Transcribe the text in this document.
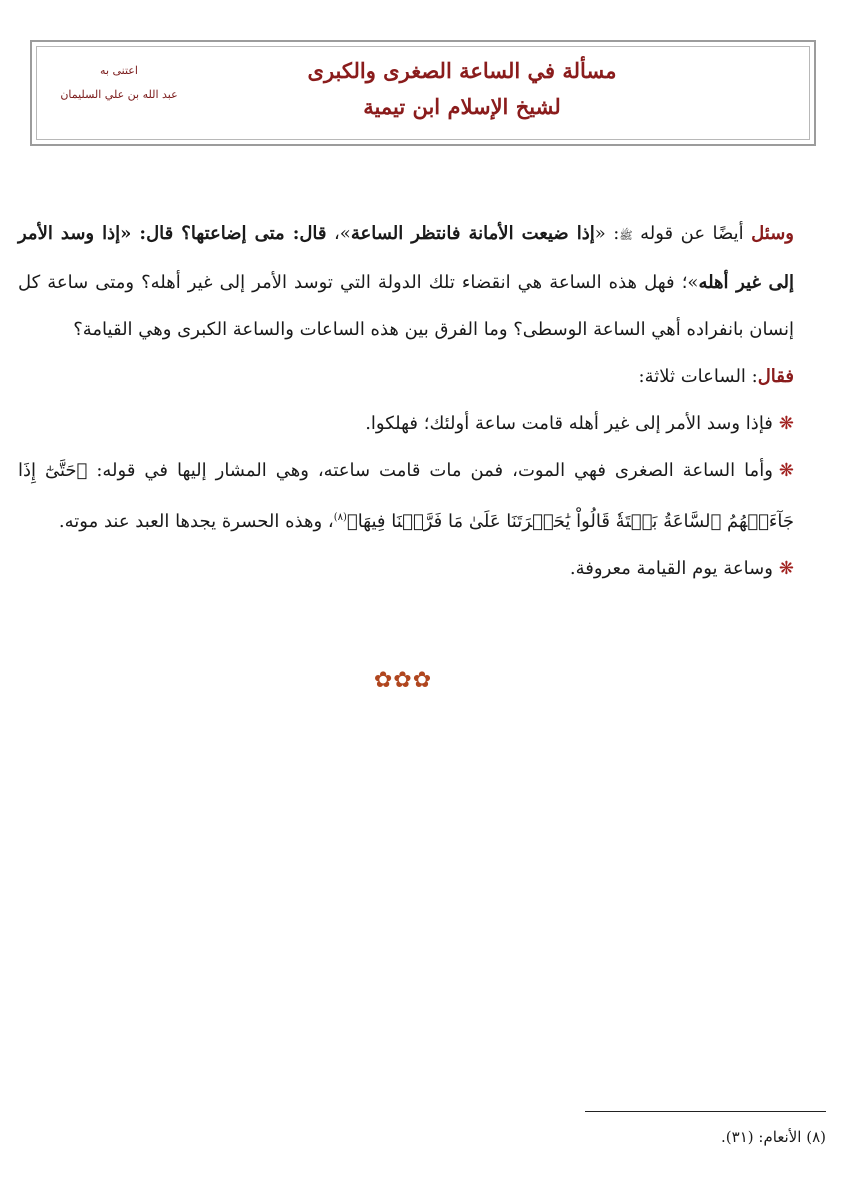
مسألة في الساعة الصغرى والكبرى
لشيخ الإسلام ابن تيمية
اعتنى به
عبد الله بن علي السليمان

وسئل أيضًا عن قوله ﷺ: «إذا ضيعت الأمانة فانتظر الساعة»، قال: متى إضاعتها؟ قال: «إذا وسد الأمر إلى غير أهله»؛ فهل هذه الساعة هي انقضاء تلك الدولة التي توسد الأمر إلى غير أهله؟ ومتى ساعة كل إنسان بانفراده أهي الساعة الوسطى؟ وما الفرق بين هذه الساعات والساعة الكبرى وهي القيامة؟

فقال: الساعات ثلاثة:

❋فإذا وسد الأمر إلى غير أهله قامت ساعة أولئك؛ فهلكوا.

❋وأما الساعة الصغرى فهي الموت، فمن مات قامت ساعته، وهي المشار إليها في قوله: ﴿حَتَّىٰٓ إِذَا جَآءَتۡهُمُ ٱلسَّاعَةُ بَغۡتَةٗ قَالُواْ يَٰحَسۡرَتَنَا عَلَىٰ مَا فَرَّطۡنَا فِيهَا﴾$^{(٨)}$، وهذه الحسرة يجدها العبد عند موته.

❋وساعة يوم القيامة معروفة.

✿✿✿
(٨) الأنعام: (٣١).
